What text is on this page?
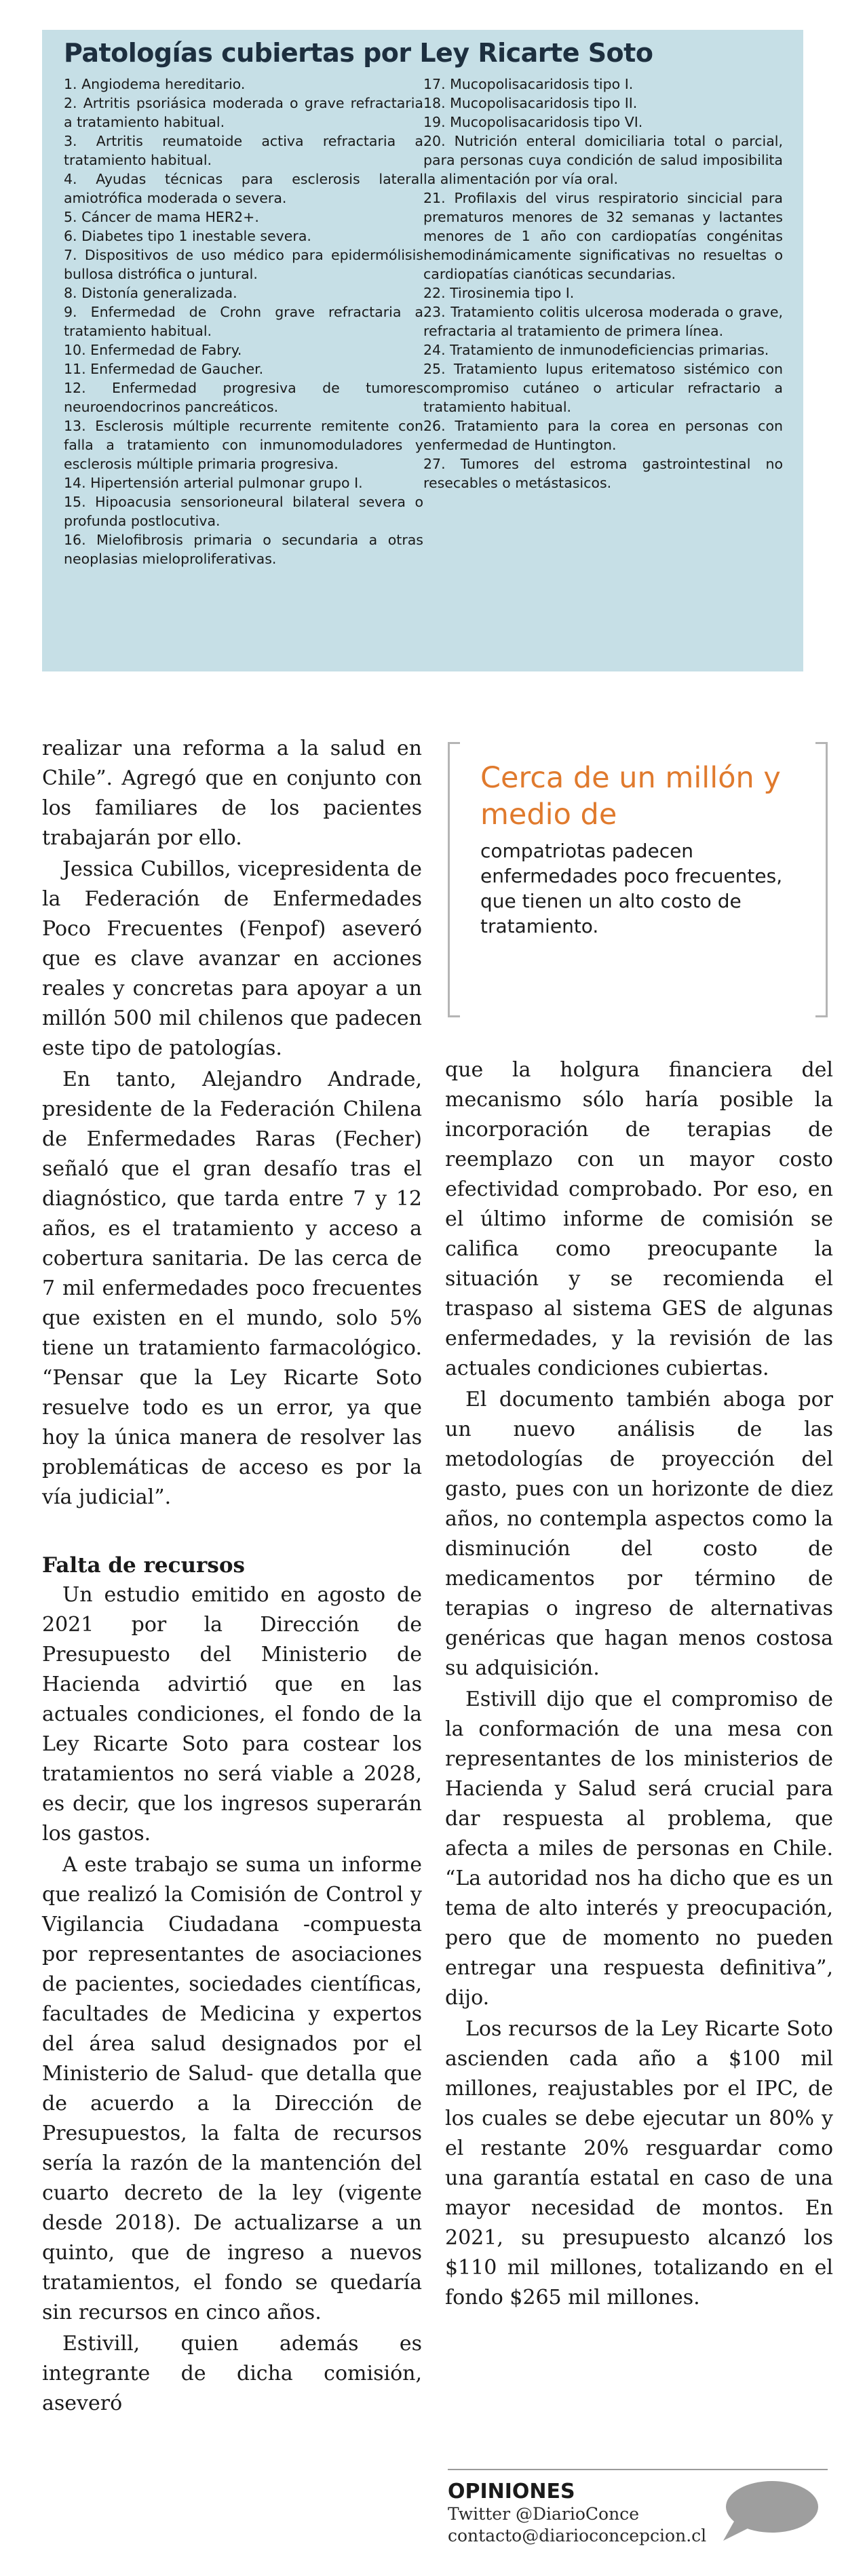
Patologías cubiertas por Ley Ricarte Soto

1. Angiodema hereditario.

2. Artritis psoriásica moderada o grave refractaria a tratamiento habitual.

3. Artritis reumatoide activa refractaria a tratamiento habitual.

4. Ayudas técnicas para esclerosis lateral amiotrófica moderada o severa.

5. Cáncer de mama HER2+.

6. Diabetes tipo 1 inestable severa.

7. Dispositivos de uso médico para epidermólisis bullosa distrófica o juntural.

8. Distonía generalizada.

9. Enfermedad de Crohn grave refractaria a tratamiento habitual.

10. Enfermedad de Fabry.

11. Enfermedad de Gaucher.

12. Enfermedad progresiva de tumores neuroendocrinos pancreáticos.

13. Esclerosis múltiple recurrente remitente con falla a tratamiento con inmunomoduladores y esclerosis múltiple primaria progresiva.

14. Hipertensión arterial pulmonar grupo I.

15. Hipoacusia sensorioneural bilateral severa o profunda postlocutiva.

16. Mielofibrosis primaria o secundaria a otras neoplasias mieloproliferativas.

17. Mucopolisacaridosis tipo I.

18. Mucopolisacaridosis tipo II.

19. Mucopolisacaridosis tipo VI.

20. Nutrición enteral domiciliaria total o parcial, para personas cuya condición de salud imposibilita la alimentación por vía oral.

21. Profilaxis del virus respiratorio sincicial para prematuros menores de 32 semanas y lactantes menores de 1 año con cardiopatías congénitas hemodinámicamente significativas no resueltas o cardiopatías cianóticas secundarias.

22. Tirosinemia tipo I.

23. Tratamiento colitis ulcerosa moderada o grave, refractaria al tratamiento de primera línea.

24. Tratamiento de inmunodeficiencias primarias.

25. Tratamiento lupus eritematoso sistémico con compromiso cutáneo o articular refractario a tratamiento habitual.

26. Tratamiento para la corea en personas con enfermedad de Huntington.

27. Tumores del estroma gastrointestinal no resecables o metástasicos.

realizar una reforma a la salud en Chile”. Agregó que en conjunto con los familiares de los pacientes trabajarán por ello.

Jessica Cubillos, vicepresidenta de la Federación de Enfermedades Poco Frecuentes (Fenpof) aseveró que es clave avanzar en acciones reales y concretas para apoyar a un millón 500 mil chilenos que padecen este tipo de patologías.

En tanto, Alejandro Andrade, presidente de la Federación Chilena de Enfermedades Raras (Fecher) señaló que el gran desafío tras el diagnóstico, que tarda entre 7 y 12 años, es el tratamiento y acceso a cobertura sanitaria. De las cerca de 7 mil enfermedades poco frecuentes que existen en el mundo, solo 5% tiene un tratamiento farmacológico. “Pensar que la Ley Ricarte Soto resuelve todo es un error, ya que hoy la única manera de resolver las problemáticas de acceso es por la vía judicial”.

Falta de recursos

Un estudio emitido en agosto de 2021 por la Dirección de Presupuesto del Ministerio de Hacienda advirtió que en las actuales condiciones, el fondo de la Ley Ricarte Soto para costear los tratamientos no será viable a 2028, es decir, que los ingresos superarán los gastos.

A este trabajo se suma un informe que realizó la Comisión de Control y Vigilancia Ciudadana -compuesta por representantes de asociaciones de pacientes, sociedades científicas, facultades de Medicina y expertos del área salud designados por el Ministerio de Salud- que detalla que de acuerdo a la Dirección de Presupuestos, la falta de recursos sería la razón de la mantención del cuarto decreto de la ley (vigente desde 2018). De actualizarse a un quinto, que de ingreso a nuevos tratamientos, el fondo se quedaría sin recursos en cinco años.

Estivill, quien además es integrante de dicha comisión, aseveró

Cerca de un millón y medio de

compatriotas padecen enfermedades poco frecuentes, que tienen un alto costo de tratamiento.

que la holgura financiera del mecanismo sólo haría posible la incorporación de terapias de reemplazo con un mayor costo efectividad comprobado. Por eso, en el último informe de comisión se califica como preocupante la situación y se recomienda el traspaso al sistema GES de algunas enfermedades, y la revisión de las actuales condiciones cubiertas.

El documento también aboga por un nuevo análisis de las metodologías de proyección del gasto, pues con un horizonte de diez años, no contempla aspectos como la disminución del costo de medicamentos por término de terapias o ingreso de alternativas genéricas que hagan menos costosa su adquisición.

Estivill dijo que el compromiso de la conformación de una mesa con representantes de los ministerios de Hacienda y Salud será crucial para dar respuesta al problema, que afecta a miles de personas en Chile. “La autoridad nos ha dicho que es un tema de alto interés y preocupación, pero que de momento no pueden entregar una respuesta definitiva”, dijo.

Los recursos de la Ley Ricarte Soto ascienden cada año a $100 mil millones, reajustables por el IPC, de los cuales se debe ejecutar un 80% y el restante 20% resguardar como una garantía estatal en caso de una mayor necesidad de montos. En 2021, su presupuesto alcanzó los $110 mil millones, totalizando en el fondo $265 mil millones.

OPINIONES

Twitter @DiarioConce

contacto@diarioconcepcion.cl
